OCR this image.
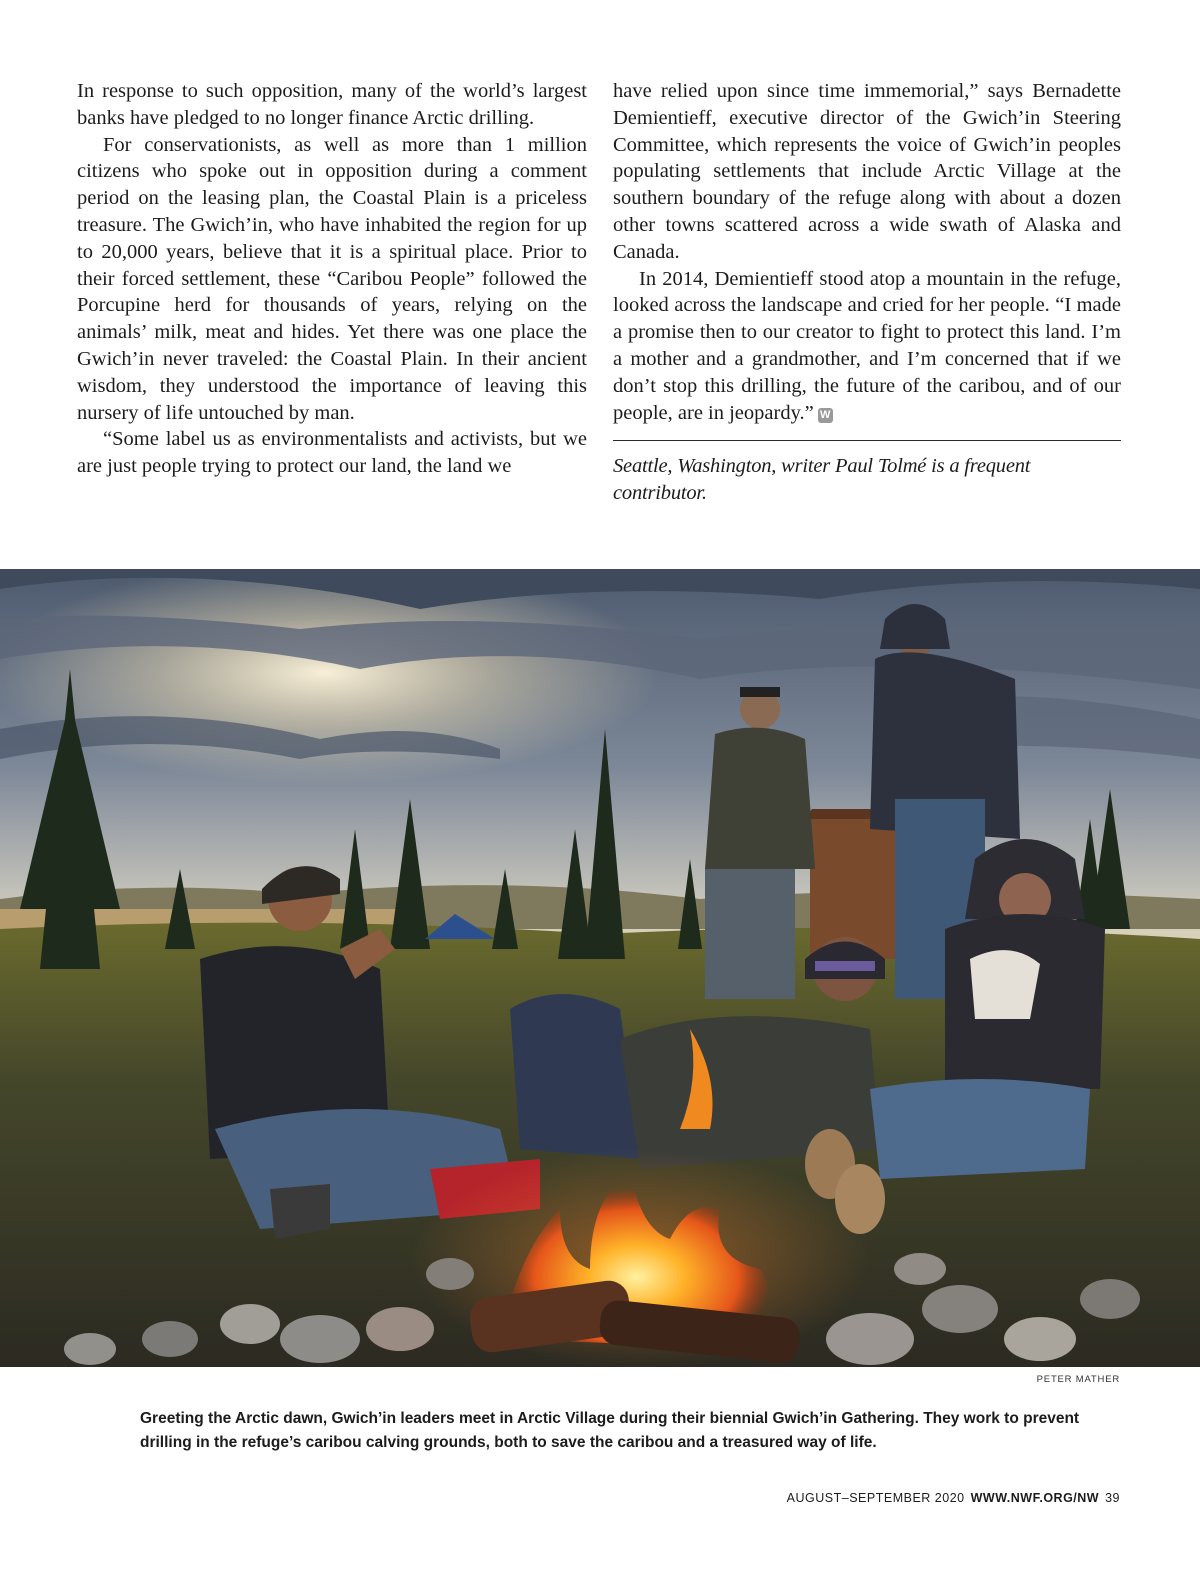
In response to such opposition, many of the world’s largest banks have pledged to no longer finance Arctic drilling.

For conservationists, as well as more than 1 million citizens who spoke out in opposition during a comment period on the leasing plan, the Coastal Plain is a priceless treasure. The Gwich’in, who have inhabited the region for up to 20,000 years, believe that it is a spiritual place. Prior to their forced settlement, these “Caribou People” followed the Porcupine herd for thousands of years, relying on the animals’ milk, meat and hides. Yet there was one place the Gwich’in never traveled: the Coastal Plain. In their ancient wisdom, they understood the importance of leaving this nursery of life untouched by man.

“Some label us as environmentalists and activists, but we are just people trying to protect our land, the land we

have relied upon since time immemorial,” says Bernadette Demientieff, executive director of the Gwich’in Steering Committee, which represents the voice of Gwich’in peoples populating settlements that include Arctic Village at the southern boundary of the refuge along with about a dozen other towns scattered across a wide swath of Alaska and Canada.

In 2014, Demientieff stood atop a mountain in the refuge, looked across the landscape and cried for her people. “I made a promise then to our creator to fight to protect this land. I’m a mother and a grandmother, and I’m concerned that if we don’t stop this drilling, the future of the caribou, and of our people, are in jeopardy.” W

Seattle, Washington, writer Paul Tolmé is a frequent contributor.

PETER MATHER
Greeting the Arctic dawn, Gwich’in leaders meet in Arctic Village during their biennial Gwich’in Gathering. They work to prevent drilling in the refuge’s caribou calving grounds, both to save the caribou and a treasured way of life.
AUGUST–SEPTEMBER 2020 WWW.NWF.ORG/NW 39
